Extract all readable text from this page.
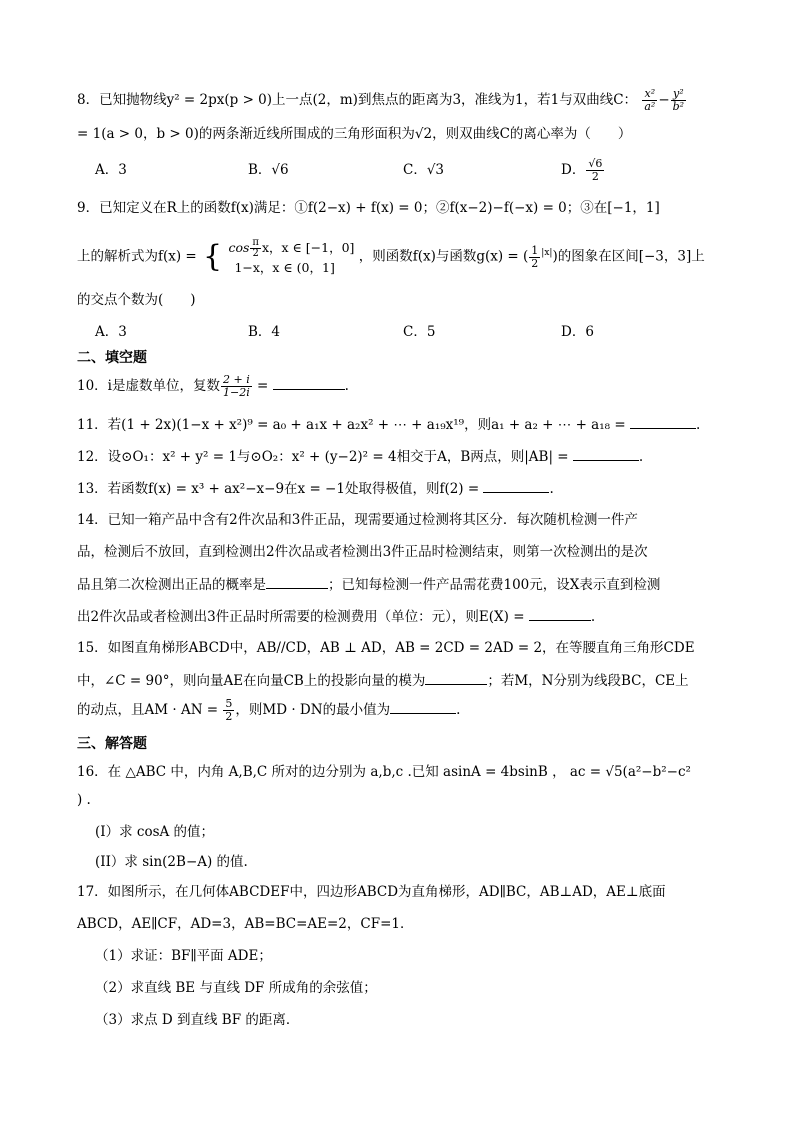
8．已知抛物线y² = 2px(p > 0)上一点(2，m)到焦点的距离为3，准线为1，若1与双曲线C： $\frac{\text{x²}}{\text{a²}} - \frac{\text{y²}}{\text{b²}}$
= 1(a > 0，b > 0)的两条渐近线所围成的三角形面积为√2，则双曲线C的离心率为（　　）
A．3	B．√6	C．√3	D． $\frac{√6}{2}$
9．已知定义在R上的函数f(x)满足：①f(2−x) + f(x) = 0；②f(x−2)−f(−x) = 0；③在[−1，1]
上的解析式为f(x) = { $\cos \frac{\pi}{2}$ x，x ∈ [−1，0]
1−x，x ∈ (0，1]
，则函数f(x)与函数g(x) = ( $\frac{1}{2} ^{|x|}$)的图象在区间[−3，3]上
的交点个数为(　　)
A．3	B．4	C．5	D．6
二、填空题
10．i是虚数单位，复数 $\frac{2 + i}{1-2i}$ =	.
11．若(1 + 2x)(1−x + x²)⁹ = a₀ + a₁x + a₂x² + ⋯ + a₁₉x¹⁹，则a₁ + a₂ + ⋯ + a₁₈ =	.
12．设⊙O₁：x² + y² = 1与⊙O₂：x² + (y−2)² = 4相交于A，B两点，则|AB| =	.
13．若函数f(x) = x³ + ax²−x−9在x = −1处取得极值，则f(2) =	.
14．已知一箱产品中含有2件次品和3件正品，现需要通过检测将其区分．每次随机检测一件产
品，检测后不放回，直到检测出2件次品或者检测出3件正品时检测结束，则第一次检测出的是次
品且第二次检测出正品的概率是	；已知每检测一件产品需花费100元，设X表示直到检测
出2件次品或者检测出3件正品时所需要的检测费用（单位：元），则E(X) =	.
15．如图直角梯形ABCD中，AB//CD，AB ⊥ AD，AB = 2CD = 2AD = 2，在等腰直角三角形CDE
中，∠C = 90°，则向量AE在向量CB上的投影向量的模为	；若M，N分别为线段BC，CE上
的动点，且AM · AN = $\frac{5}{2}$ ，则MD · DN的最小值为	.
三、解答题
16．在 △ABC 中，内角 A,B,C 所对的边分别为 a,b,c .已知 asinA = 4bsinB ， ac = √5(a²−b²−c²
) .
(I）求 cosA 的值；
(II）求 sin(2B−A) 的值.
17．如图所示，在几何体ABCDEF中，四边形ABCD为直角梯形，AD∥BC，AB⊥AD，AE⊥底面
ABCD，AE∥CF，AD=3，AB=BC=AE=2，CF=1．
（1）求证：BF∥平面 ADE；
（2）求直线 BE 与直线 DF 所成角的余弦值；
（3）求点 D 到直线 BF 的距离．
